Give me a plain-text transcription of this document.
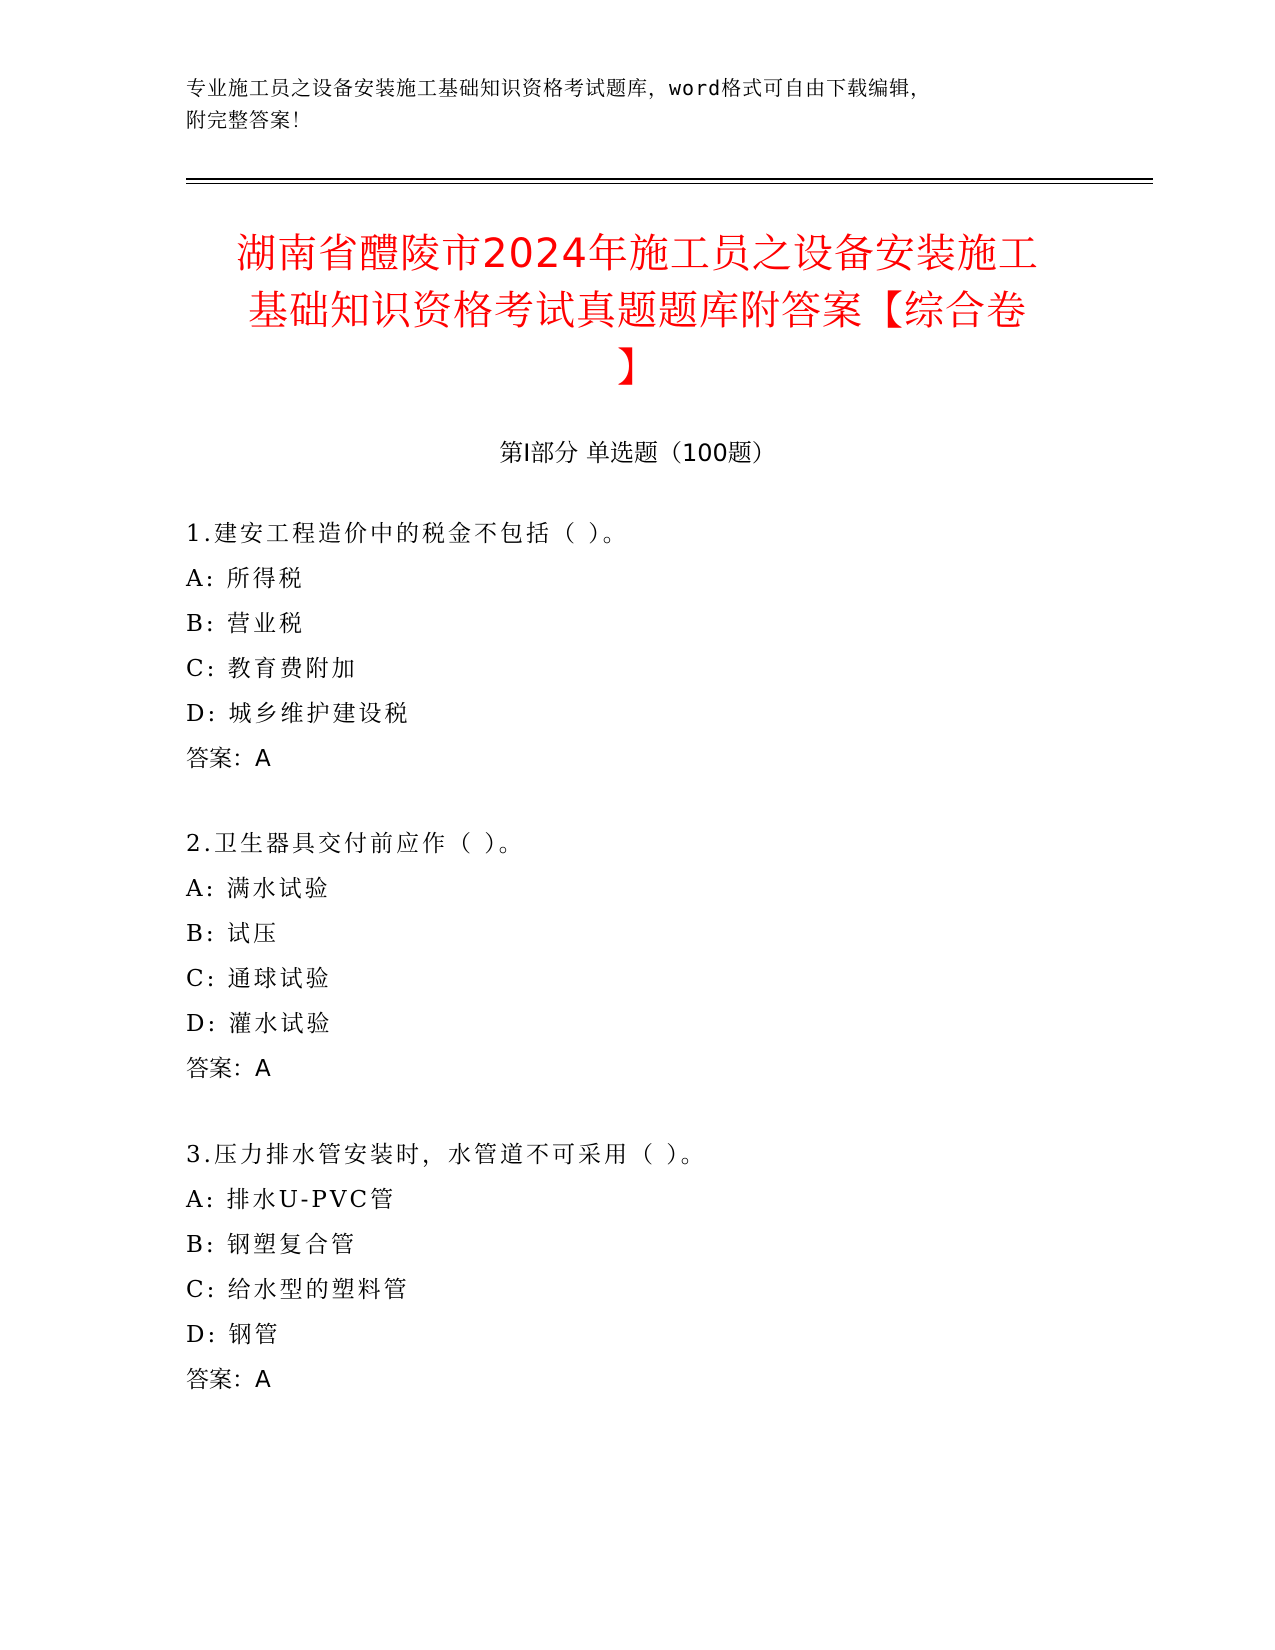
专业施工员之设备安装施工基础知识资格考试题库，word格式可自由下载编辑，
附完整答案！
湖南省醴陵市2024年施工员之设备安装施工
基础知识资格考试真题题库附答案【综合卷
】
第Ⅰ部分 单选题（100题）
1.建安工程造价中的税金不包括（ ）。
A: 所得税
B: 营业税
C: 教育费附加
D: 城乡维护建设税
答案：A
2.卫生器具交付前应作（ ）。
A: 满水试验
B: 试压
C: 通球试验
D: 灌水试验
答案：A
3.压力排水管安装时，水管道不可采用（ ）。
A: 排水U-PVC管
B: 钢塑复合管
C: 给水型的塑料管
D: 钢管
答案：A
